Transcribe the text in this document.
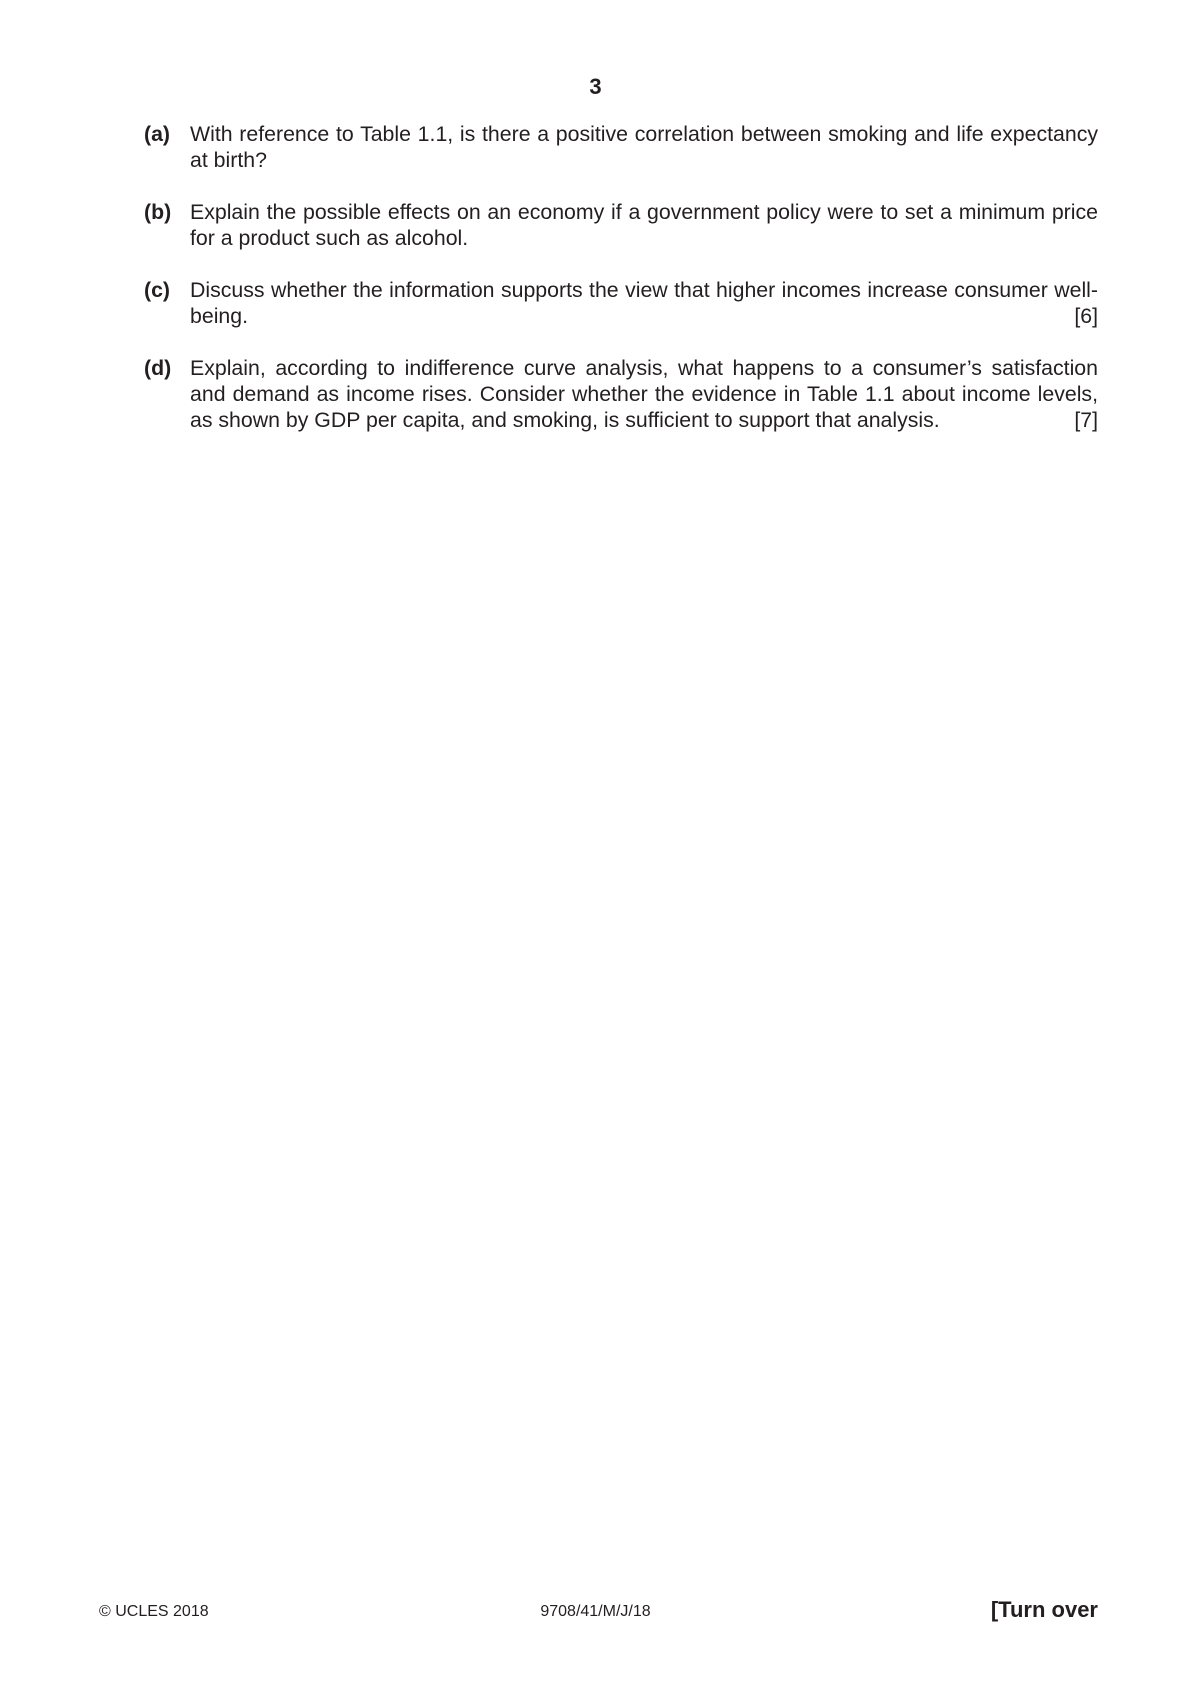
3
(a) With reference to Table 1.1, is there a positive correlation between smoking and life expectancy at birth?
(b) Explain the possible effects on an economy if a government policy were to set a minimum price for a product such as alcohol.
(c) Discuss whether the information supports the view that higher incomes increase consumer well-being.	[6]
(d) Explain, according to indifference curve analysis, what happens to a consumer’s satisfaction and demand as income rises. Consider whether the evidence in Table 1.1 about income levels, as shown by GDP per capita, and smoking, is sufficient to support that analysis.	[7]
© UCLES 2018	9708/41/M/J/18	[Turn over
